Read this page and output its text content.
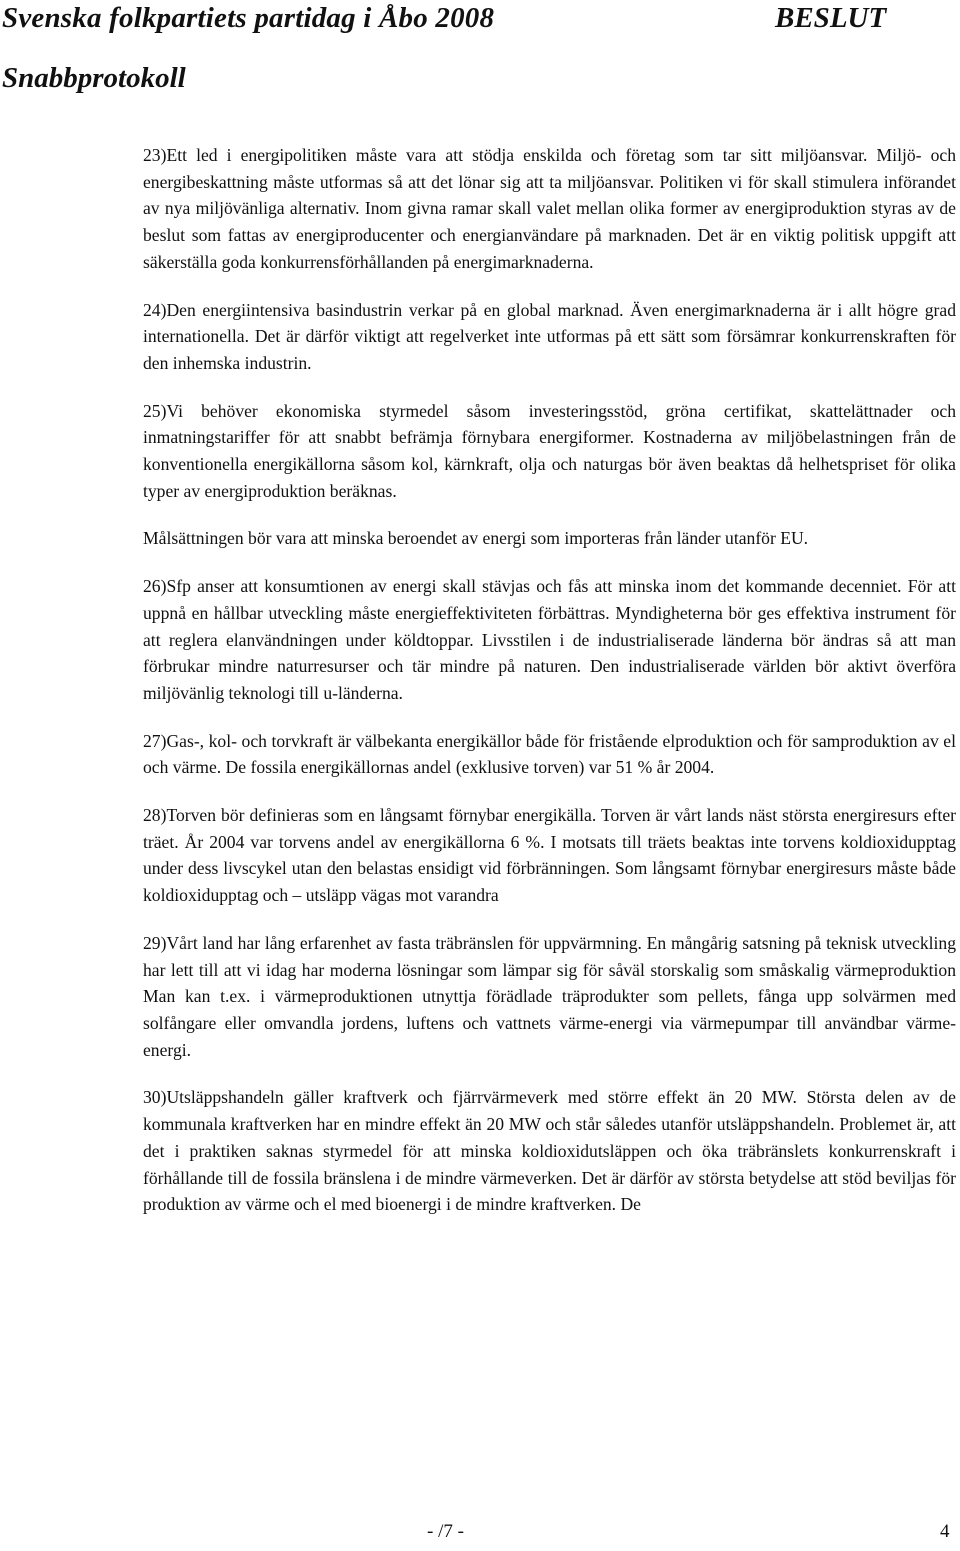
Svenska folkpartiets partidag i Åbo 2008	BESLUT
Snabbprotokoll

23)Ett led i energipolitiken måste vara att stödja enskilda och företag som tar sitt miljöansvar. Miljö- och energibeskattning måste utformas så att det lönar sig att ta miljöansvar. Politiken vi för skall stimulera införandet av nya miljövänliga alternativ. Inom givna ramar skall valet mellan olika former av energiproduktion styras av de beslut som fattas av energiproducenter och energianvändare på marknaden. Det är en viktig politisk uppgift att säkerställa goda konkurrensförhållanden på energimarknaderna.

24)Den energiintensiva basindustrin verkar på en global marknad. Även energimarknaderna är i allt högre grad internationella. Det är därför viktigt att regelverket inte utformas på ett sätt som försämrar konkurrenskraften för den inhemska industrin.

25)Vi behöver ekonomiska styrmedel såsom investeringsstöd, gröna certifikat, skattelättnader och inmatningstariffer för att snabbt befrämja förnybara energiformer. Kostnaderna av miljöbelastningen från de konventionella energikällorna såsom kol, kärnkraft, olja och naturgas bör även beaktas då helhetspriset för olika typer av energiproduktion beräknas.

Målsättningen bör vara att minska beroendet av energi som importeras från länder utanför EU.

26)Sfp anser att konsumtionen av energi skall stävjas och fås att minska inom det kommande decenniet. För att uppnå en hållbar utveckling måste energieffektiviteten förbättras. Myndigheterna bör ges effektiva instrument för att reglera elanvändningen under köldtoppar. Livsstilen i de industrialiserade länderna bör ändras så att man förbrukar mindre naturresurser och tär mindre på naturen. Den industrialiserade världen bör aktivt överföra miljövänlig teknologi till u-länderna.

27)Gas-, kol- och torvkraft är välbekanta energikällor både för fristående elproduktion och för samproduktion av el och värme. De fossila energikällornas andel (exklusive torven) var 51 % år 2004.

28)Torven bör definieras som en långsamt förnybar energikälla. Torven är vårt lands näst största energiresurs efter träet. År 2004 var torvens andel av energikällorna 6 %. I motsats till träets beaktas inte torvens koldioxidupptag under dess livscykel utan den belastas ensidigt vid förbränningen. Som långsamt förnybar energiresurs måste både koldioxidupptag och – utsläpp vägas mot varandra

29)Vårt land har lång erfarenhet av fasta träbränslen för uppvärmning. En mångårig satsning på teknisk utveckling har lett till att vi idag har moderna lösningar som lämpar sig för såväl storskalig som småskalig värmeproduktion Man kan t.ex. i värmeproduktionen utnyttja förädlade träprodukter som pellets, fånga upp solvärmen med solfångare eller omvandla jordens, luftens och vattnets värme-energi via värmepumpar till användbar värme-energi.

30)Utsläppshandeln gäller kraftverk och fjärrvärmeverk med större effekt än 20 MW. Största delen av de kommunala kraftverken har en mindre effekt än 20 MW och står således utanför utsläppshandeln. Problemet är, att det i praktiken saknas styrmedel för att minska koldioxidutsläppen och öka träbränslets konkurrenskraft i förhållande till de fossila bränslena i de mindre värmeverken. Det är därför av största betydelse att stöd beviljas för produktion av värme och el med bioenergi i de mindre kraftverken. De

- /7 -	4
